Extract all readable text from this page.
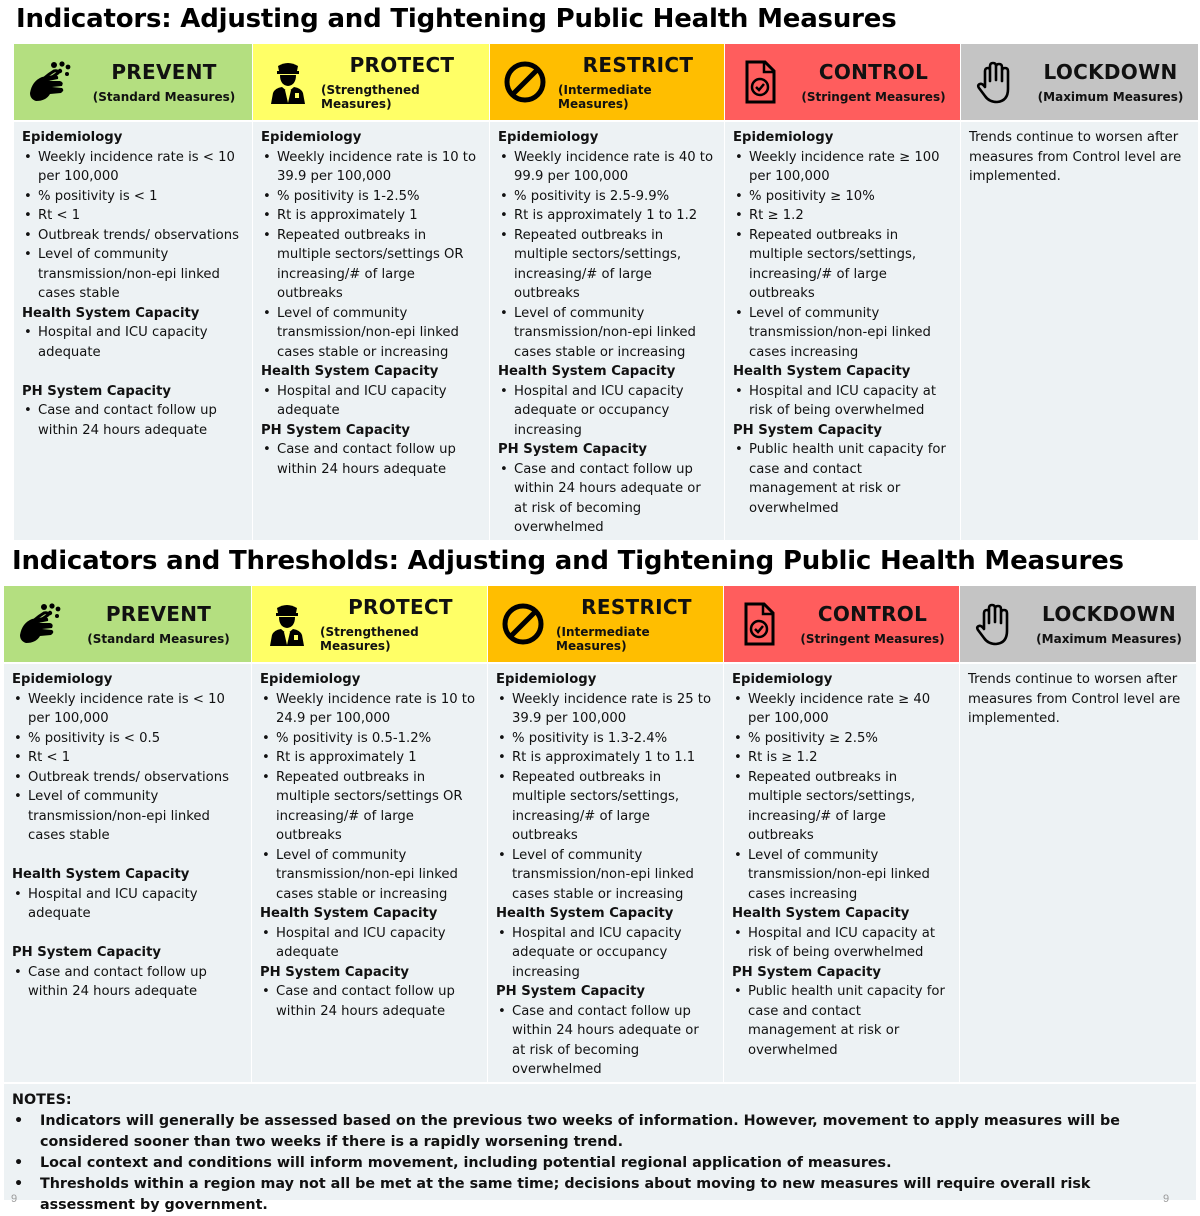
Indicators: Adjusting and Tightening Public Health Measures
PREVENT
(Standard Measures)
PROTECT
(Strengthened Measures)
RESTRICT
(Intermediate Measures)
CONTROL
(Stringent Measures)
LOCKDOWN
(Maximum Measures)
Epidemiology
• Weekly incidence rate is < 10 per 100,000
• % positivity is < 1
• Rt < 1
• Outbreak trends/ observations
• Level of community transmission/non-epi linked cases stable
Health System Capacity
• Hospital and ICU capacity adequate
PH System Capacity
• Case and contact follow up within 24 hours adequate
Epidemiology
• Weekly incidence rate is 10 to 39.9 per 100,000
• % positivity is 1-2.5%
• Rt is approximately 1
• Repeated outbreaks in multiple sectors/settings OR increasing/# of large outbreaks
• Level of community transmission/non-epi linked cases stable or increasing
Health System Capacity
• Hospital and ICU capacity adequate
PH System Capacity
• Case and contact follow up within 24 hours adequate
Epidemiology
• Weekly incidence rate is 40 to 99.9 per 100,000
• % positivity is 2.5-9.9%
• Rt is approximately 1 to 1.2
• Repeated outbreaks in multiple sectors/settings, increasing/# of large outbreaks
• Level of community transmission/non-epi linked cases stable or increasing
Health System Capacity
• Hospital and ICU capacity adequate or occupancy increasing
PH System Capacity
• Case and contact follow up within 24 hours adequate or at risk of becoming overwhelmed
Epidemiology
• Weekly incidence rate ≥ 100 per 100,000
• % positivity ≥ 10%
• Rt ≥ 1.2
• Repeated outbreaks in multiple sectors/settings, increasing/# of large outbreaks
• Level of community transmission/non-epi linked cases increasing
Health System Capacity
• Hospital and ICU capacity at risk of being overwhelmed
PH System Capacity
• Public health unit capacity for case and contact management at risk or overwhelmed
Trends continue to worsen after measures from Control level are implemented.
Indicators and Thresholds: Adjusting and Tightening Public Health Measures
PREVENT
(Standard Measures)
PROTECT
(Strengthened Measures)
RESTRICT
(Intermediate Measures)
CONTROL
(Stringent Measures)
LOCKDOWN
(Maximum Measures)
Epidemiology
• Weekly incidence rate is < 10 per 100,000
• % positivity is < 0.5
• Rt < 1
• Outbreak trends/ observations
• Level of community transmission/non-epi linked cases stable
Health System Capacity
• Hospital and ICU capacity adequate
PH System Capacity
• Case and contact follow up within 24 hours adequate
Epidemiology
• Weekly incidence rate is 10 to 24.9 per 100,000
• % positivity is 0.5-1.2%
• Rt is approximately 1
• Repeated outbreaks in multiple sectors/settings OR increasing/# of large outbreaks
• Level of community transmission/non-epi linked cases stable or increasing
Health System Capacity
• Hospital and ICU capacity adequate
PH System Capacity
• Case and contact follow up within 24 hours adequate
Epidemiology
• Weekly incidence rate is 25 to 39.9 per 100,000
• % positivity is 1.3-2.4%
• Rt is approximately 1 to 1.1
• Repeated outbreaks in multiple sectors/settings, increasing/# of large outbreaks
• Level of community transmission/non-epi linked cases stable or increasing
Health System Capacity
• Hospital and ICU capacity adequate or occupancy increasing
PH System Capacity
• Case and contact follow up within 24 hours adequate or at risk of becoming overwhelmed
Epidemiology
• Weekly incidence rate ≥ 40 per 100,000
• % positivity ≥ 2.5%
• Rt is ≥ 1.2
• Repeated outbreaks in multiple sectors/settings, increasing/# of large outbreaks
• Level of community transmission/non-epi linked cases increasing
Health System Capacity
• Hospital and ICU capacity at risk of being overwhelmed
PH System Capacity
• Public health unit capacity for case and contact management at risk or overwhelmed
Trends continue to worsen after measures from Control level are implemented.
NOTES:
• Indicators will generally be assessed based on the previous two weeks of information. However, movement to apply measures will be considered sooner than two weeks if there is a rapidly worsening trend.
• Local context and conditions will inform movement, including potential regional application of measures.
• Thresholds within a region may not all be met at the same time; decisions about moving to new measures will require overall risk assessment by government.
9	9
